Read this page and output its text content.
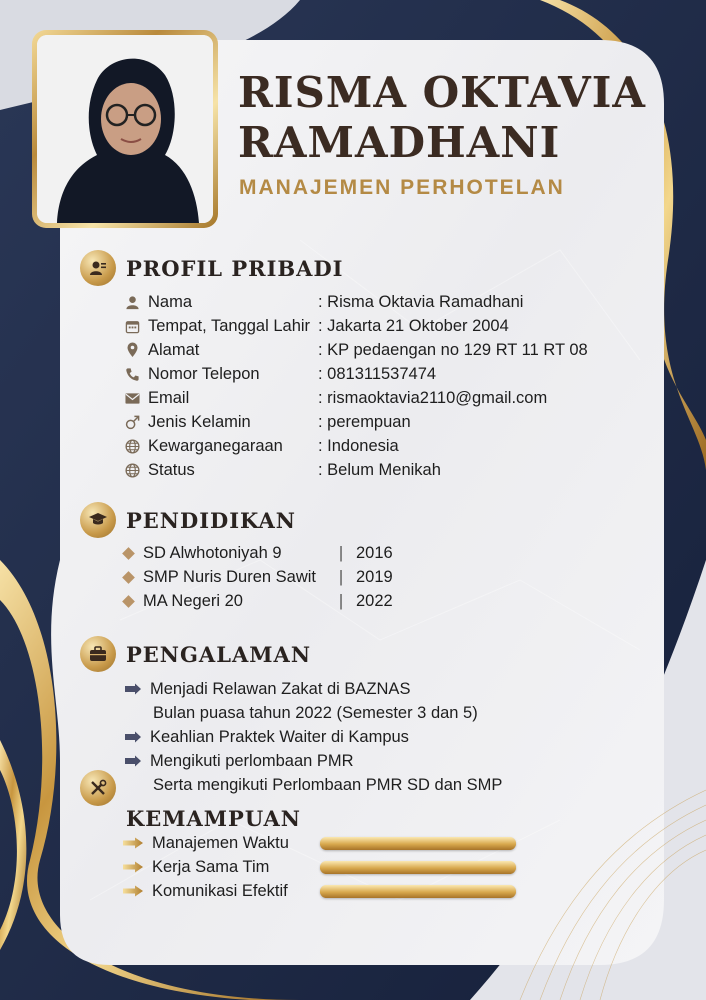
RISMA OKTAVIA
RAMADHANI
MANAJEMEN PERHOTELAN
PROFIL PRIBADI
Nama	: Risma Oktavia Ramadhani
Tempat, Tanggal Lahir : Jakarta 21 Oktober 2004
Alamat	: KP pedaengan no 129 RT 11 RT 08
Nomor Telepon	: 081311537474
Email	: rismaoktavia2110@gmail.com
Jenis Kelamin	: perempuan
Kewarganegaraan	: Indonesia
Status	: Belum Menikah
PENDIDIKAN
SD Alwhotoniyah 9	| 2016
SMP Nuris Duren Sawit	| 2019
MA Negeri 20	| 2022
PENGALAMAN
Menjadi Relawan Zakat di BAZNAS
Bulan puasa tahun 2022 (Semester 3 dan 5)
Keahlian Praktek Waiter di Kampus
Mengikuti perlombaan PMR
Serta mengikuti Perlombaan PMR SD dan SMP
KEMAMPUAN
Manajemen Waktu
Kerja Sama Tim
Komunikasi Efektif
